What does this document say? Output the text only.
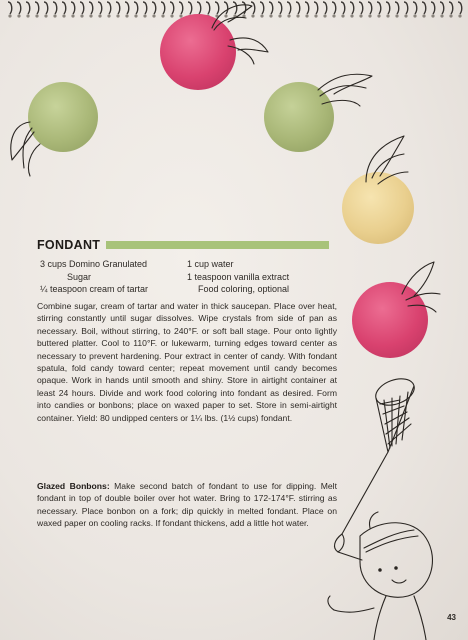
FONDANT
3 cups Domino Granulated
Sugar
¼ teaspoon cream of tartar
1 cup water
1 teaspoon vanilla extract
Food coloring, optional
Combine sugar, cream of tartar and water in thick saucepan. Place over heat, stirring constantly until sugar dissolves. Wipe crystals from side of pan as necessary. Boil, without stirring, to 240°F. or soft ball stage. Pour onto lightly buttered platter. Cool to 110°F. or lukewarm, turning edges toward center as necessary to prevent hardening. Pour extract in center of candy. With fondant spatula, fold candy toward center; repeat movement until candy becomes opaque. Work in hands until smooth and shiny. Store in airtight container at least 24 hours. Divide and work food coloring into fondant as desired. Form into candies or bonbons; place on waxed paper to set. Store in semi-airtight container. Yield: 80 undipped centers or 1¼ lbs. (1½ cups) fondant.
Glazed Bonbons: Make second batch of fondant to use for dipping. Melt fondant in top of double boiler over hot water. Bring to 172-174°F. stirring as necessary. Place bonbon on a fork; dip quickly in melted fondant. Place on waxed paper on cooling racks. If fondant thickens, add a little hot water.
43
